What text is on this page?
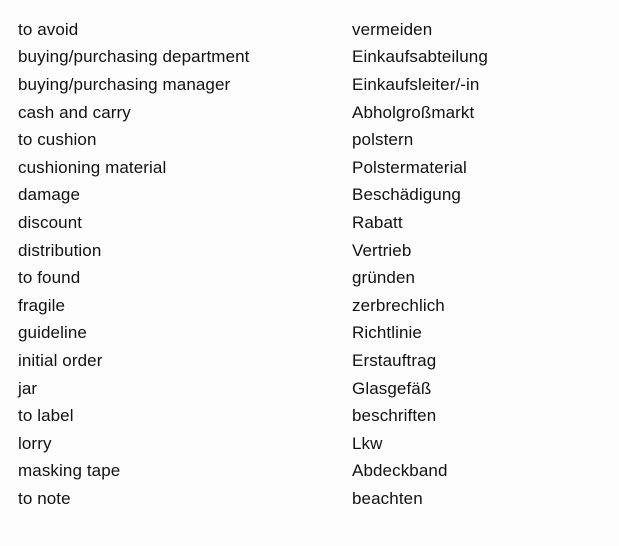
to avoid	vermeiden
buying/purchasing department	Einkaufsabteilung
buying/purchasing manager	Einkaufsleiter/-in
cash and carry	Abholgroßmarkt
to cushion	polstern
cushioning material	Polstermaterial
damage	Beschädigung
discount	Rabatt
distribution	Vertrieb
to found	gründen
fragile	zerbrechlich
guideline	Richtlinie
initial order	Erstauftrag
jar	Glasgefäß
to label	beschriften
lorry	Lkw
masking tape	Abdeckband
to note	beachten
